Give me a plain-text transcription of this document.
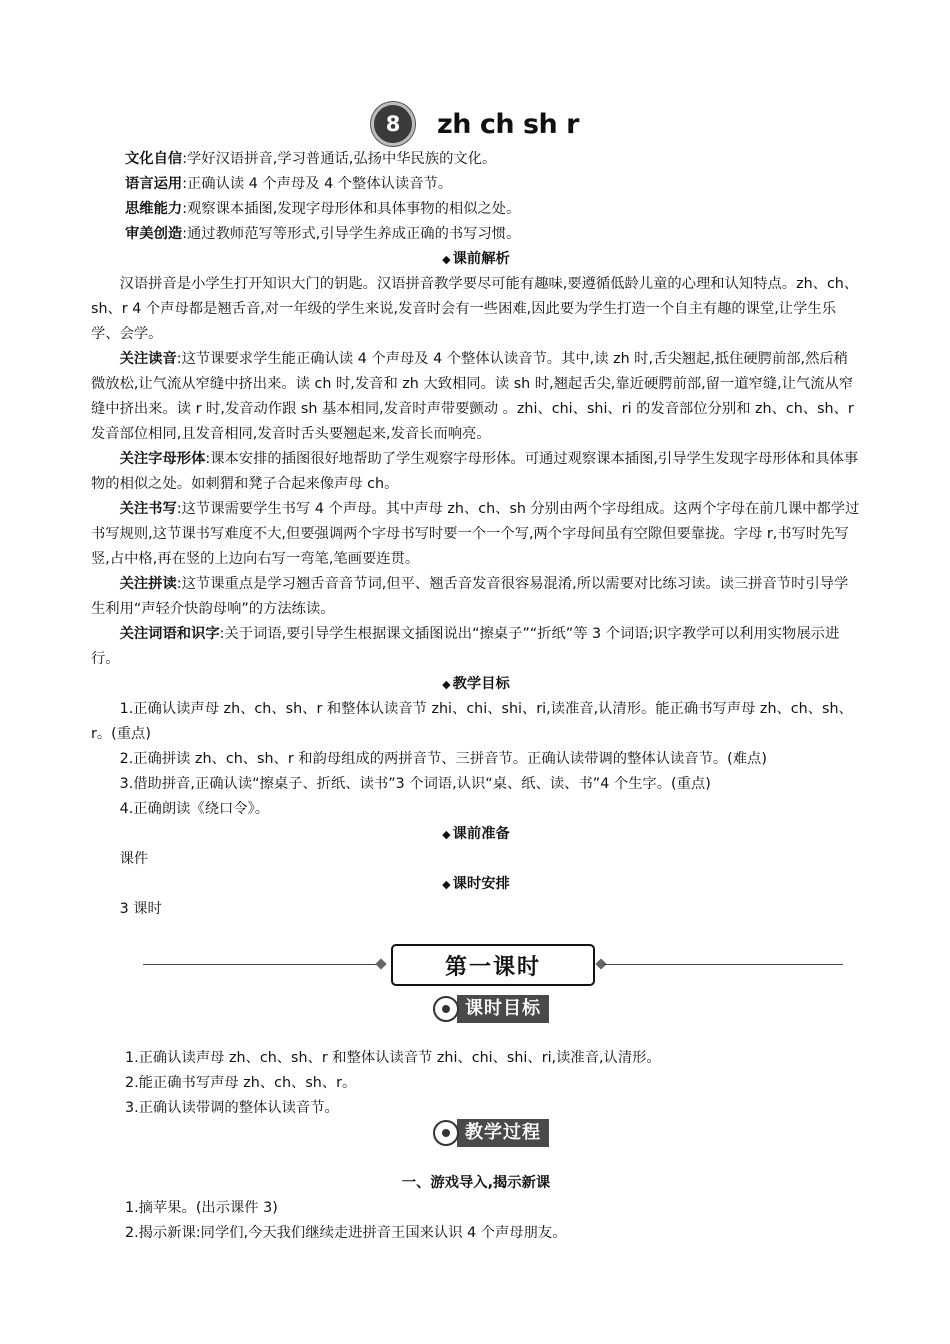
8	zh ch sh r

文化自信:学好汉语拼音,学习普通话,弘扬中华民族的文化。

语言运用:正确认读 4 个声母及 4 个整体认读音节。

思维能力:观察课本插图,发现字母形体和具体事物的相似之处。

审美创造:通过教师范写等形式,引导学生养成正确的书写习惯。

◆ 课前解析

汉语拼音是小学生打开知识大门的钥匙。汉语拼音教学要尽可能有趣味,要遵循低龄儿童的心理和认知特点。zh、ch、sh、r 4 个声母都是翘舌音,对一年级的学生来说,发音时会有一些困难,因此要为学生打造一个自主有趣的课堂,让学生乐学、会学。

关注读音:这节课要求学生能正确认读 4 个声母及 4 个整体认读音节。其中,读 zh 时,舌尖翘起,抵住硬腭前部,然后稍微放松,让气流从窄缝中挤出来。读 ch 时,发音和 zh 大致相同。读 sh 时,翘起舌尖,靠近硬腭前部,留一道窄缝,让气流从窄缝中挤出来。读 r 时,发音动作跟 sh 基本相同,发音时声带要颤动 。zhi、chi、shi、ri 的发音部位分别和 zh、ch、sh、r 发音部位相同,且发音相同,发音时舌头要翘起来,发音长而响亮。

关注字母形体:课本安排的插图很好地帮助了学生观察字母形体。可通过观察课本插图,引导学生发现字母形体和具体事物的相似之处。如刺猬和凳子合起来像声母 ch。

关注书写:这节课需要学生书写 4 个声母。其中声母 zh、ch、sh 分别由两个字母组成。这两个字母在前几课中都学过书写规则,这节课书写难度不大,但要强调两个字母书写时要一个一个写,两个字母间虽有空隙但要靠拢。字母 r,书写时先写竖,占中格,再在竖的上边向右写一弯笔,笔画要连贯。

关注拼读:这节课重点是学习翘舌音音节词,但平、翘舌音发音很容易混淆,所以需要对比练习读。读三拼音节时引导学生利用“声轻介快韵母响”的方法练读。

关注词语和识字:关于词语,要引导学生根据课文插图说出“擦桌子”“折纸”等 3 个词语;识字教学可以利用实物展示进行。

◆ 教学目标

1.正确认读声母 zh、ch、sh、r 和整体认读音节 zhi、chi、shi、ri,读准音,认清形。能正确书写声母 zh、ch、sh、r。(重点)

2.正确拼读 zh、ch、sh、r 和韵母组成的两拼音节、三拼音节。正确认读带调的整体认读音节。(难点)

3.借助拼音,正确认读“擦桌子、折纸、读书”3 个词语,认识“桌、纸、读、书”4 个生字。(重点)

4.正确朗读《绕口令》。

◆ 课前准备

课件

◆ 课时安排

3 课时

第一课时
课时目标

1.正确认读声母 zh、ch、sh、r 和整体认读音节 zhi、chi、shi、ri,读准音,认清形。

2.能正确书写声母 zh、ch、sh、r。

3.正确认读带调的整体认读音节。

教学过程

一、游戏导入,揭示新课

1.摘苹果。(出示课件 3)

2.揭示新课:同学们,今天我们继续走进拼音王国来认识 4 个声母朋友。
